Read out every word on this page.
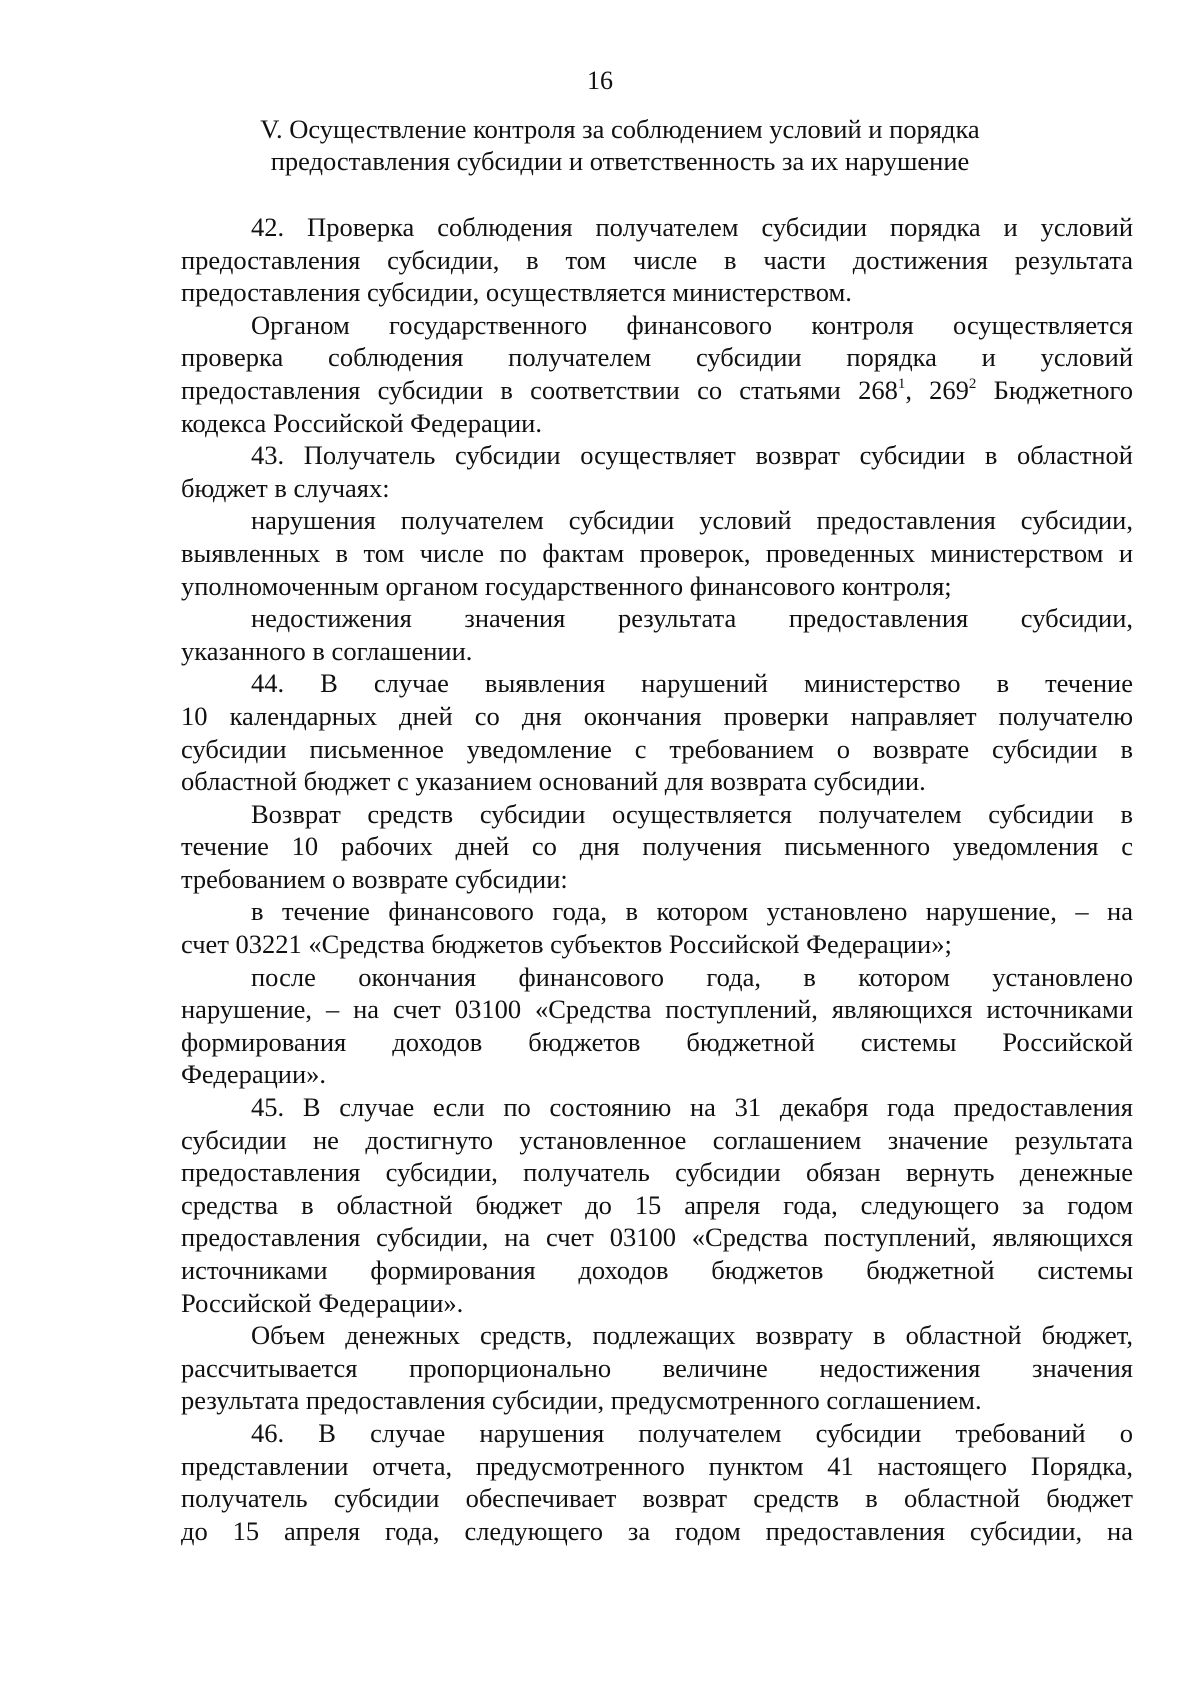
16
V. Осуществление контроля за соблюдением условий и порядка
предоставления субсидии и ответственность за их нарушение
42. Проверка соблюдения получателем субсидии порядка и условий
предоставления субсидии, в том числе в части достижения результата
предоставления субсидии, осуществляется министерством.
Органом государственного финансового контроля осуществляется
проверка соблюдения получателем субсидии порядка и условий
предоставления субсидии в соответствии со статьями $268^1$, $269^2$ Бюджетного
кодекса Российской Федерации.
43. Получатель субсидии осуществляет возврат субсидии в областной
бюджет в случаях:
нарушения получателем субсидии условий предоставления субсидии,
выявленных в том числе по фактам проверок, проведенных министерством и
уполномоченным органом государственного финансового контроля;
недостижения значения результата предоставления субсидии,
указанного в соглашении.
44. В случае выявления нарушений министерство в течение
10 календарных дней со дня окончания проверки направляет получателю
субсидии письменное уведомление с требованием о возврате субсидии в
областной бюджет с указанием оснований для возврата субсидии.
Возврат средств субсидии осуществляется получателем субсидии в
течение 10 рабочих дней со дня получения письменного уведомления с
требованием о возврате субсидии:
в течение финансового года, в котором установлено нарушение, – на
счет 03221 «Средства бюджетов субъектов Российской Федерации»;
после окончания финансового года, в котором установлено
нарушение, – на счет 03100 «Средства поступлений, являющихся источниками
формирования доходов бюджетов бюджетной системы Российской
Федерации».
45. В случае если по состоянию на 31 декабря года предоставления
субсидии не достигнуто установленное соглашением значение результата
предоставления субсидии, получатель субсидии обязан вернуть денежные
средства в областной бюджет до 15 апреля года, следующего за годом
предоставления субсидии, на счет 03100 «Средства поступлений, являющихся
источниками формирования доходов бюджетов бюджетной системы
Российской Федерации».
Объем денежных средств, подлежащих возврату в областной бюджет,
рассчитывается пропорционально величине недостижения значения
результата предоставления субсидии, предусмотренного соглашением.
46. В случае нарушения получателем субсидии требований о
представлении отчета, предусмотренного пунктом 41 настоящего Порядка,
получатель субсидии обеспечивает возврат средств в областной бюджет
до 15 апреля года, следующего за годом предоставления субсидии, на
